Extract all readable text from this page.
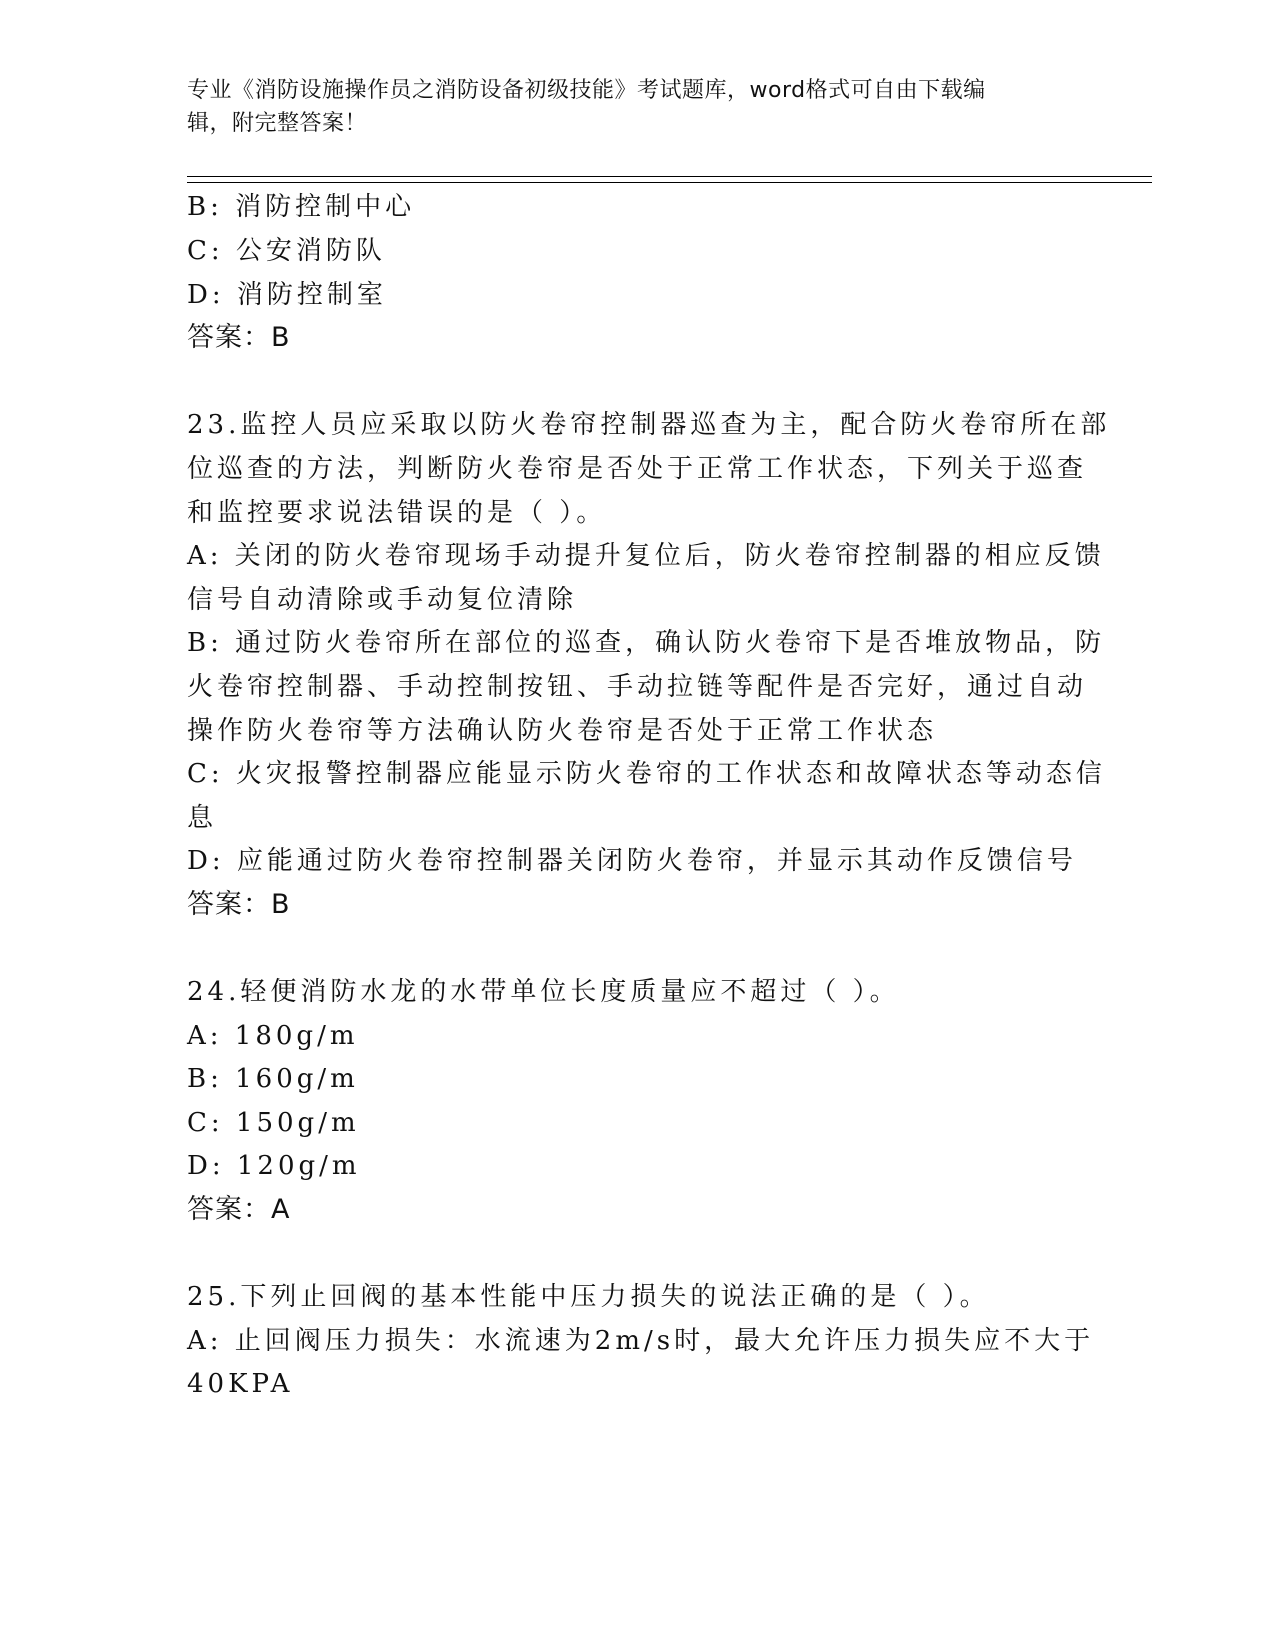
专业《消防设施操作员之消防设备初级技能》考试题库，word格式可自由下载编
辑，附完整答案！
B: 消防控制中心
C: 公安消防队
D: 消防控制室
答案：B
23.监控人员应采取以防火卷帘控制器巡查为主，配合防火卷帘所在部
位巡查的方法，判断防火卷帘是否处于正常工作状态，下列关于巡查
和监控要求说法错误的是（ ）。
A: 关闭的防火卷帘现场手动提升复位后，防火卷帘控制器的相应反馈
信号自动清除或手动复位清除
B: 通过防火卷帘所在部位的巡查，确认防火卷帘下是否堆放物品，防
火卷帘控制器、手动控制按钮、手动拉链等配件是否完好，通过自动
操作防火卷帘等方法确认防火卷帘是否处于正常工作状态
C: 火灾报警控制器应能显示防火卷帘的工作状态和故障状态等动态信
息
D: 应能通过防火卷帘控制器关闭防火卷帘，并显示其动作反馈信号
答案：B
24.轻便消防水龙的水带单位长度质量应不超过（ ）。
A: 180g/m
B: 160g/m
C: 150g/m
D: 120g/m
答案：A
25.下列止回阀的基本性能中压力损失的说法正确的是（ ）。
A: 止回阀压力损失：水流速为2m/s时，最大允许压力损失应不大于
40KPA
